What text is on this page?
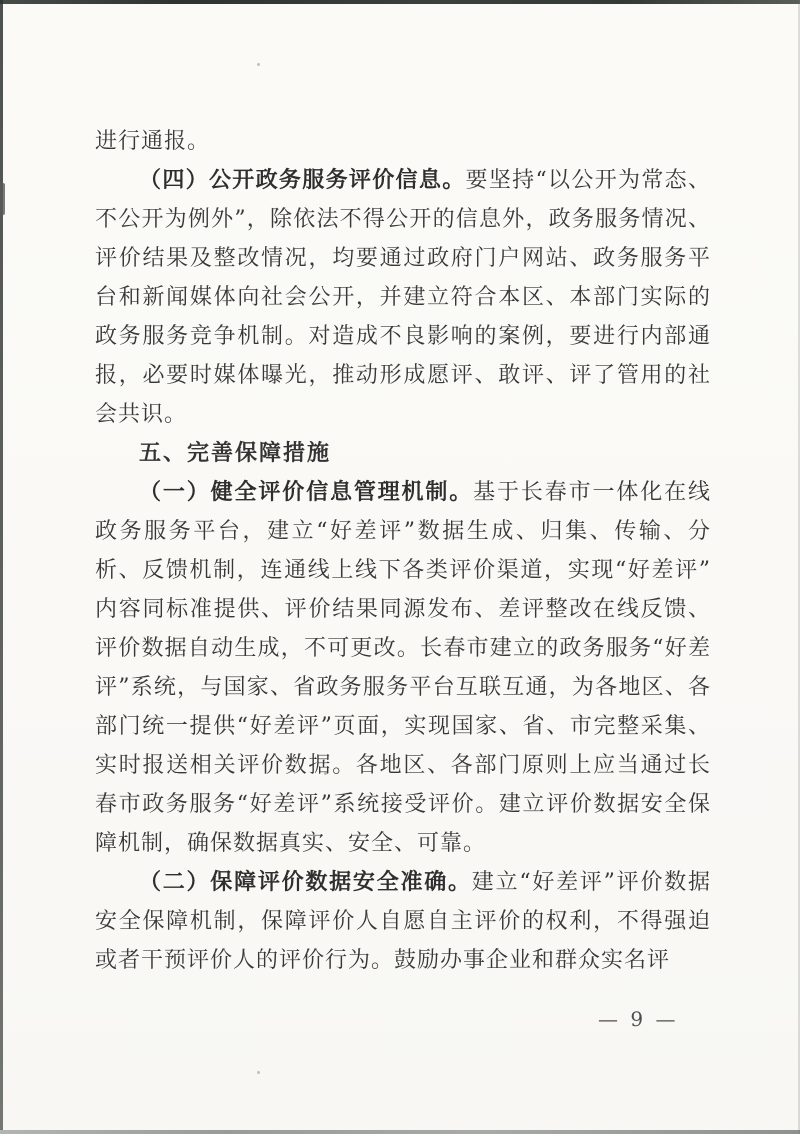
进行通报。

（四）公开政务服务评价信息。要坚持“以公开为常态、不公开为例外”，除依法不得公开的信息外，政务服务情况、评价结果及整改情况，均要通过政府门户网站、政务服务平台和新闻媒体向社会公开，并建立符合本区、本部门实际的政务服务竞争机制。对造成不良影响的案例，要进行内部通报，必要时媒体曝光，推动形成愿评、敢评、评了管用的社会共识。

五、完善保障措施

（一）健全评价信息管理机制。基于长春市一体化在线政务服务平台，建立“好差评”数据生成、归集、传输、分析、反馈机制，连通线上线下各类评价渠道，实现“好差评”内容同标准提供、评价结果同源发布、差评整改在线反馈、评价数据自动生成，不可更改。长春市建立的政务服务“好差评”系统，与国家、省政务服务平台互联互通，为各地区、各部门统一提供“好差评”页面，实现国家、省、市完整采集、实时报送相关评价数据。各地区、各部门原则上应当通过长春市政务服务“好差评”系统接受评价。建立评价数据安全保障机制，确保数据真实、安全、可靠。

（二）保障评价数据安全准确。建立“好差评”评价数据安全保障机制，保障评价人自愿自主评价的权利，不得强迫或者干预评价人的评价行为。鼓励办事企业和群众实名评

— 9 —
